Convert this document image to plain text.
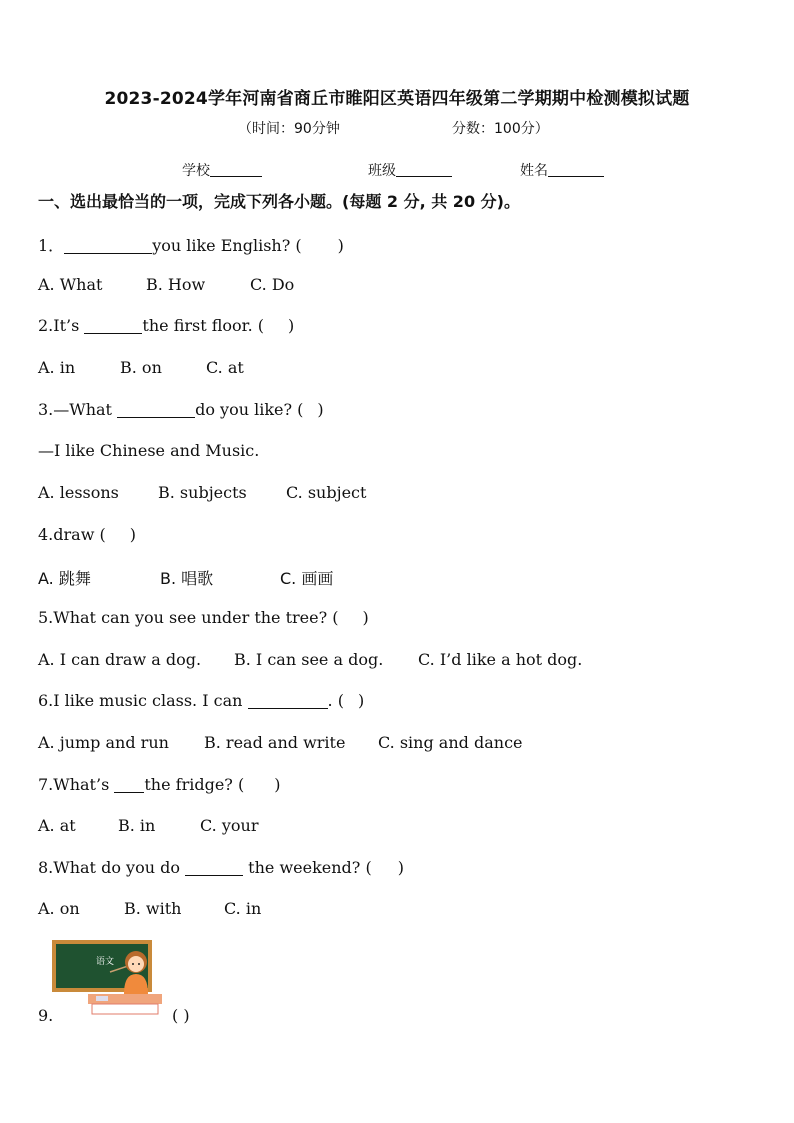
2023-2024学年河南省商丘市睢阳区英语四年级第二学期期中检测模拟试题
（时间：90分钟	分数：100分）
学校	班级	姓名
一、选出最恰当的一项，完成下列各小题。(每题 2 分, 共 20 分)。
1．	you like English? ( )
A. What	B. How	C. Do
2.It’s	the first floor. ( )
A. in	B. on	C. at
3.—What	do you like? ( )
—I like Chinese and Music.
A. lessons B. subjects C. subject
4.draw ( )
A. 跳舞	B. 唱歌	C. 画画
5.What can you see under the tree? ( )
A. I can draw a dog. B. I can see a dog. C. I’d like a hot dog.
6.I like music class. I can	. ( )
A. jump and run B. read and write C. sing and dance
7.What’s the fridge? ( )
A. at	B. in	C. your
8.What do you do	the weekend? ( )
A. on	B. with	C. in
语文
9.	( )
